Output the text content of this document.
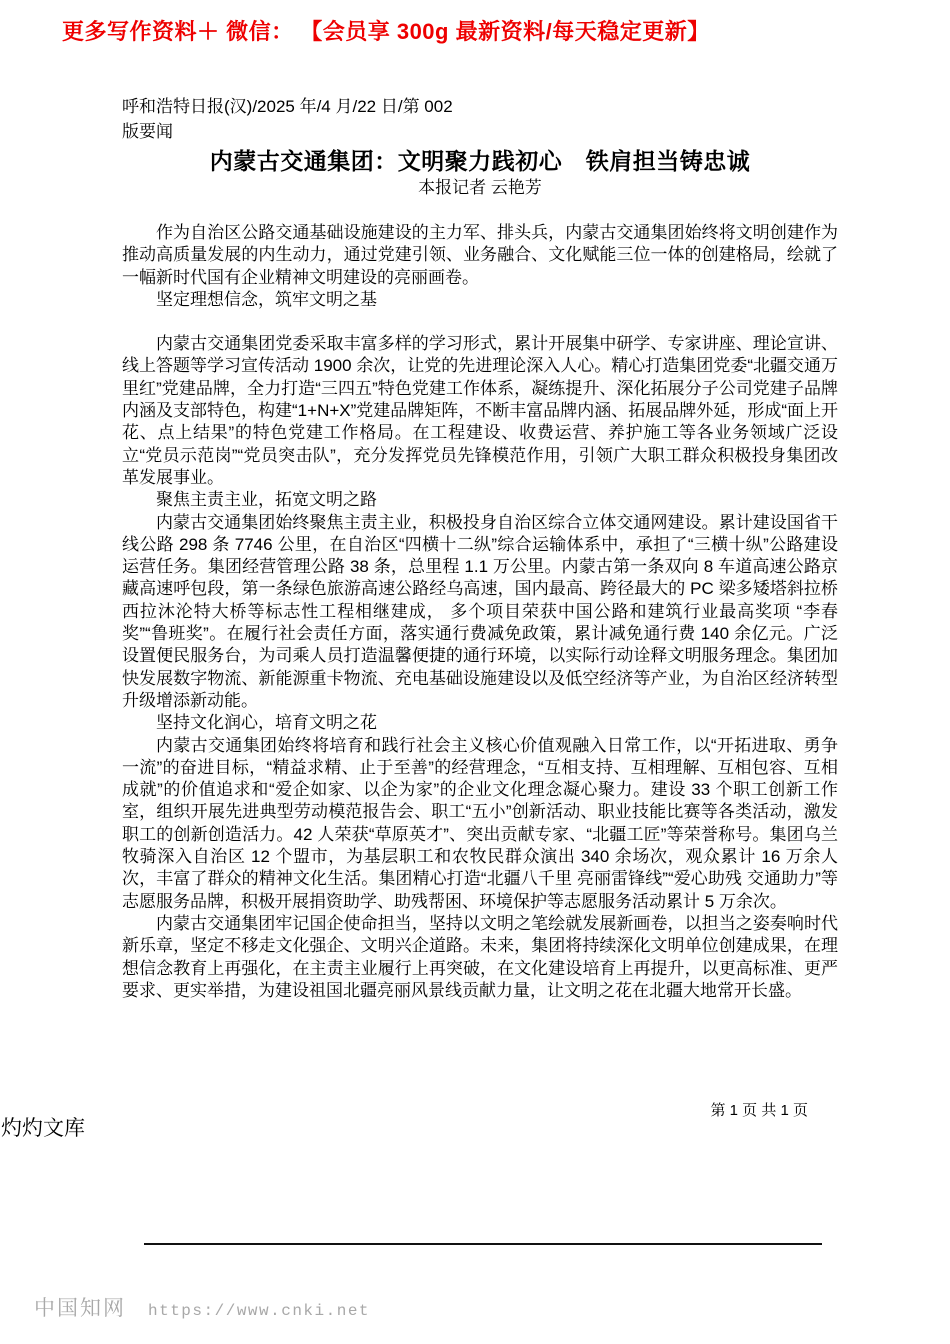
更多写作资料＋ 微信： 【会员享 300g 最新资料/每天稳定更新】
呼和浩特日报(汉)/2025 年/4 月/22 日/第 002
版要闻
内蒙古交通集团：文明聚力践初心　铁肩担当铸忠诚
本报记者 云艳芳

作为自治区公路交通基础设施建设的主力军、排头兵，内蒙古交通集团始终将文明创建作为推动高质量发展的内生动力，通过党建引领、业务融合、文化赋能三位一体的创建格局，绘就了一幅新时代国有企业精神文明建设的亮丽画卷。

坚定理想信念，筑牢文明之基

内蒙古交通集团党委采取丰富多样的学习形式，累计开展集中研学、专家讲座、理论宣讲、线上答题等学习宣传活动 1900 余次，让党的先进理论深入人心。精心打造集团党委“北疆交通万里红”党建品牌，全力打造“三四五”特色党建工作体系，凝练提升、深化拓展分子公司党建子品牌内涵及支部特色，构建“1+N+X”党建品牌矩阵，不断丰富品牌内涵、拓展品牌外延，形成“面上开花、点上结果”的特色党建工作格局。在工程建设、收费运营、养护施工等各业务领域广泛设立“党员示范岗”“党员突击队”，充分发挥党员先锋模范作用，引领广大职工群众积极投身集团改革发展事业。

聚焦主责主业，拓宽文明之路

内蒙古交通集团始终聚焦主责主业，积极投身自治区综合立体交通网建设。累计建设国省干线公路 298 条 7746 公里，在自治区“四横十二纵”综合运输体系中，承担了“三横十纵”公路建设运营任务。集团经营管理公路 38 条，总里程 1.1 万公里。内蒙古第一条双向 8 车道高速公路京藏高速呼包段，第一条绿色旅游高速公路经乌高速，国内最高、跨径最大的 PC 梁多矮塔斜拉桥西拉沐沦特大桥等标志性工程相继建成， 多个项目荣获中国公路和建筑行业最高奖项 “李春奖”“鲁班奖”。在履行社会责任方面，落实通行费减免政策，累计减免通行费 140 余亿元。广泛设置便民服务台，为司乘人员打造温馨便捷的通行环境，以实际行动诠释文明服务理念。集团加快发展数字物流、新能源重卡物流、充电基础设施建设以及低空经济等产业，为自治区经济转型升级增添新动能。

坚持文化润心，培育文明之花

内蒙古交通集团始终将培育和践行社会主义核心价值观融入日常工作，以“开拓进取、勇争一流”的奋进目标，“精益求精、止于至善”的经营理念，“互相支持、互相理解、互相包容、互相成就”的价值追求和“爱企如家、以企为家”的企业文化理念凝心聚力。建设 33 个职工创新工作室，组织开展先进典型劳动模范报告会、职工“五小”创新活动、职业技能比赛等各类活动，激发职工的创新创造活力。42 人荣获“草原英才”、突出贡献专家、“北疆工匠”等荣誉称号。集团乌兰牧骑深入自治区 12 个盟市，为基层职工和农牧民群众演出 340 余场次，观众累计 16 万余人次，丰富了群众的精神文化生活。集团精心打造“北疆八千里 亮丽雷锋线”“爱心助残 交通助力”等志愿服务品牌，积极开展捐资助学、助残帮困、环境保护等志愿服务活动累计 5 万余次。

内蒙古交通集团牢记国企使命担当，坚持以文明之笔绘就发展新画卷，以担当之姿奏响时代新乐章，坚定不移走文化强企、文明兴企道路。未来，集团将持续深化文明单位创建成果，在理想信念教育上再强化，在主责主业履行上再突破，在文化建设培育上再提升，以更高标准、更严要求、更实举措，为建设祖国北疆亮丽风景线贡献力量，让文明之花在北疆大地常开长盛。

第 1 页 共 1 页
灼灼文库
中国知网 https://www.cnki.net
